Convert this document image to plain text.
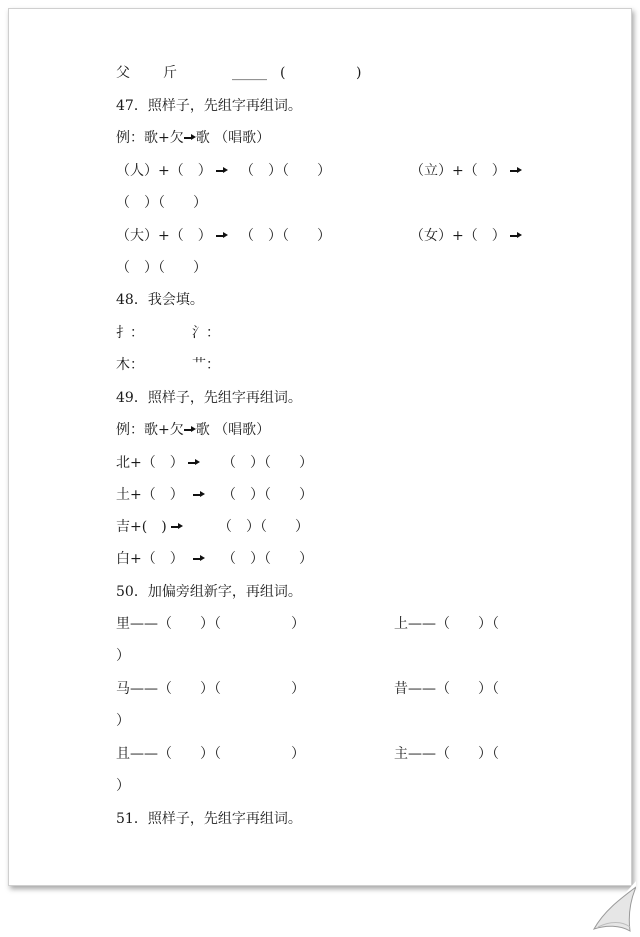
父 斤	_____ (	)
47．照样子，先组字再组词。
例：歌+欠 歌 （唱歌）
（人）+（　）	（　）（　　）	（立）+（　）
（　）（　　）
（大）+（　）	（　）（　　）	（女）+（　）
（　）（　　）
48．我会填。
扌：	氵：
木：	艹：
49．照样子，先组字再组词。
例：歌+欠 歌 （唱歌）
北+（　）	（　）（　　）
土+（　）	（　）（　　）
吉+(　)	（　）（　　）
白+（　）	（　）（　　）
50．加偏旁组新字，再组词。
里——（　　）（　　　　　）	上——（　　）（
）
马——（　　）（　　　　　）	昔——（　　）（
）
且——（　　）（　　　　　）	主——（　　）（
）
51．照样子，先组字再组词。
